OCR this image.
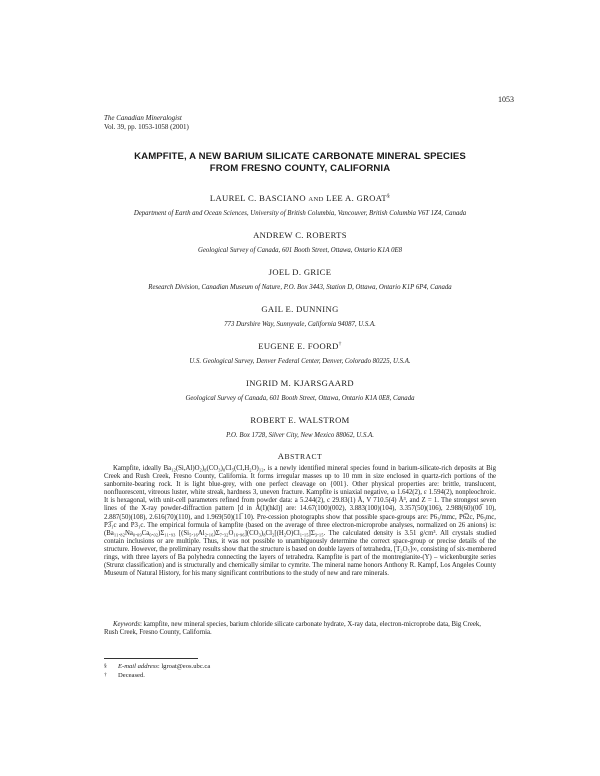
1053
The Canadian Mineralogist
Vol. 39, pp. 1053-1058 (2001)
KAMPFITE, A NEW BARIUM SILICATE CARBONATE MINERAL SPECIES
FROM FRESNO COUNTY, CALIFORNIA
LAUREL C. BASCIANO AND LEE A. GROAT§
Department of Earth and Ocean Sciences, University of British Columbia, Vancouver, British Columbia V6T 1Z4, Canada
ANDREW C. ROBERTS
Geological Survey of Canada, 601 Booth Street, Ottawa, Ontario K1A 0E8
JOEL D. GRICE
Research Division, Canadian Museum of Nature, P.O. Box 3443, Station D, Ottawa, Ontario K1P 6P4, Canada
GAIL E. DUNNING
773 Durshire Way, Sunnyvale, California 94087, U.S.A.
EUGENE E. FOORD†
U.S. Geological Survey, Denver Federal Center, Denver, Colorado 80225, U.S.A.
INGRID M. KJARSGAARD
Geological Survey of Canada, 601 Booth Street, Ottawa, Ontario K1A 0E8, Canada
ROBERT E. WALSTROM
P.O. Box 1728, Silver City, New Mexico 88062, U.S.A.
ABSTRACT

Kampfite, ideally Ba₁₂(Si,Al)O₂)₈(CO₃)₈Cl₅(Cl,H₂O)₁₂, is a newly identified mineral species found in barium-silicate-rich deposits at Big Creek and Rush Creek, Fresno County, California. It forms irregular masses up to 10 mm in size enclosed in quartz-rich portions of the sanbornite-bearing rock. It is light blue-grey, with one perfect cleavage on {001}. Other physical properties are: brittle, translucent, nonfluorescent, vitreous luster, white streak, hardness 3, uneven fracture. Kampfite is uniaxial negative, ω 1.642(2), ε 1.594(2), nonpleochroic. It is hexagonal, with unit-cell parameters refined from powder data: a 5.244(2), c 29.83(1) Å, V 710.5(4) Å³, and Z = 1. The strongest seven lines of the X-ray powder-diffraction pattern [d in Å(I)(hkl)] are: 14.67(100)(002), 3.883(100)(104), 3.357(50)(106), 2.988(60)(00̅ 10), 2.887(50)(108), 2.616(70)(110), and 1.969(50)(11̅ 10). Pre-cession photographs show that possible space-groups are: P6₃/mmc, P6̅2c, P6₃mc, P3̅₁c and P3₁c. The empirical formula of kampfite (based on the average of three electron-microprobe analyses, normalized on 26 anions) is: (Ba₁₁.₈₂Na₀.₀₉Ca₀.₀₂)Σ₁₁.₉₃ [(Si₅.₁₆Al₂.₁₆)Σ₇.₃₂O₁₆.₉₆](CO₃)₈Cl₂[(H₂O)Cl₁.₁₅]Σ₃.₁₅. The calculated density is 3.51 g/cm³. All crystals studied contain inclusions or are multiple. Thus, it was not possible to unambiguously determine the correct space-group or precise details of the structure. However, the preliminary results show that the structure is based on double layers of tetrahedra, [T₂O₅]∞, consisting of six-membered rings, with three layers of Ba polyhedra connecting the layers of tetrahedra. Kampfite is part of the montregianite-(Y) – wickenburgite series (Strunz classification) and is structurally and chemically similar to cymrite. The mineral name honors Anthony R. Kampf, Los Angeles County Museum of Natural History, for his many significant contributions to the study of new and rare minerals.

Keywords: kampfite, new mineral species, barium chloride silicate carbonate hydrate, X-ray data, electron-microprobe data, Big Creek, Rush Creek, Fresno County, California.

§ E-mail address: lgroat@eos.ubc.ca
† Deceased.
